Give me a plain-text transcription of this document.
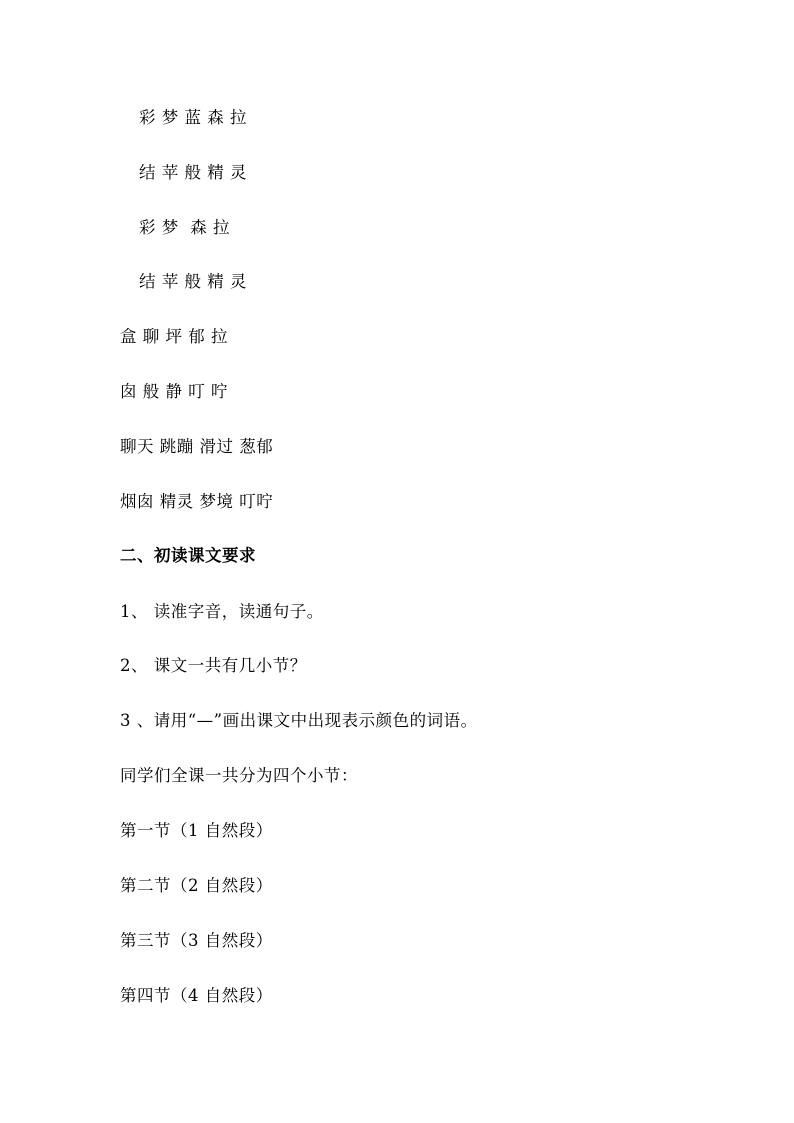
彩 梦 蓝 森 拉
结 苹 般 精 灵
彩 梦  森 拉
结 苹 般 精 灵
盒 聊 坪 郁 拉
囱 般 静 叮 咛
聊天 跳蹦 滑过 葱郁
烟囱 精灵 梦境 叮咛
二、初读课文要求
1、 读准字音，读通句子。
2、 课文一共有几小节？
3 、请用“—”画出课文中出现表示颜色的词语。
同学们全课一共分为四个小节：
第一节（1 自然段）
第二节（2 自然段）
第三节（3 自然段）
第四节（4 自然段）
